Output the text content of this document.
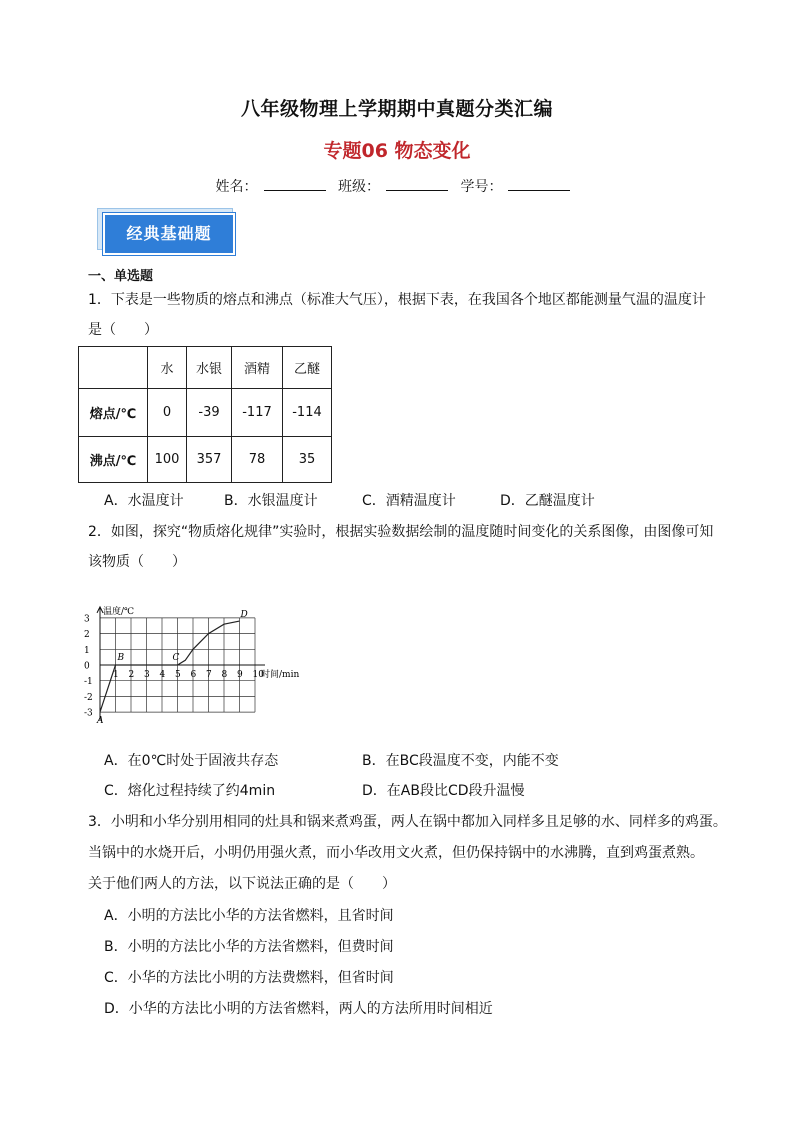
八年级物理上学期期中真题分类汇编
专题06 物态变化
姓名：	班级：	学号：
经典基础题
一、单选题
1．下表是一些物质的熔点和沸点（标准大气压），根据下表，在我国各个地区都能测量气温的温度计
是（　　）
	水	水银	酒精	乙醚
熔点/℃	0	-39	-117	-114
沸点/℃	100	357	78	35
A．水温度计	B．水银温度计	C．酒精温度计	D．乙醚温度计
2．如图，探究“物质熔化规律”实验时，根据实验数据绘制的温度随时间变化的关系图像，由图像可知
该物质（　　）
1 2 3 4 5 6 7 8 9 10
3
2
1
0
-1
-2
-3
A
B	C
D
温度/℃
时间/min
A．在0℃时处于固液共存态	B．在BC段温度不变，内能不变
C．熔化过程持续了约4min	D．在AB段比CD段升温慢
3．小明和小华分别用相同的灶具和锅来煮鸡蛋，两人在锅中都加入同样多且足够的水、同样多的鸡蛋。
当锅中的水烧开后，小明仍用强火煮，而小华改用文火煮，但仍保持锅中的水沸腾，直到鸡蛋煮熟。
关于他们两人的方法，以下说法正确的是（　　）
A．小明的方法比小华的方法省燃料，且省时间
B．小明的方法比小华的方法省燃料，但费时间
C．小华的方法比小明的方法费燃料，但省时间
D．小华的方法比小明的方法省燃料，两人的方法所用时间相近
